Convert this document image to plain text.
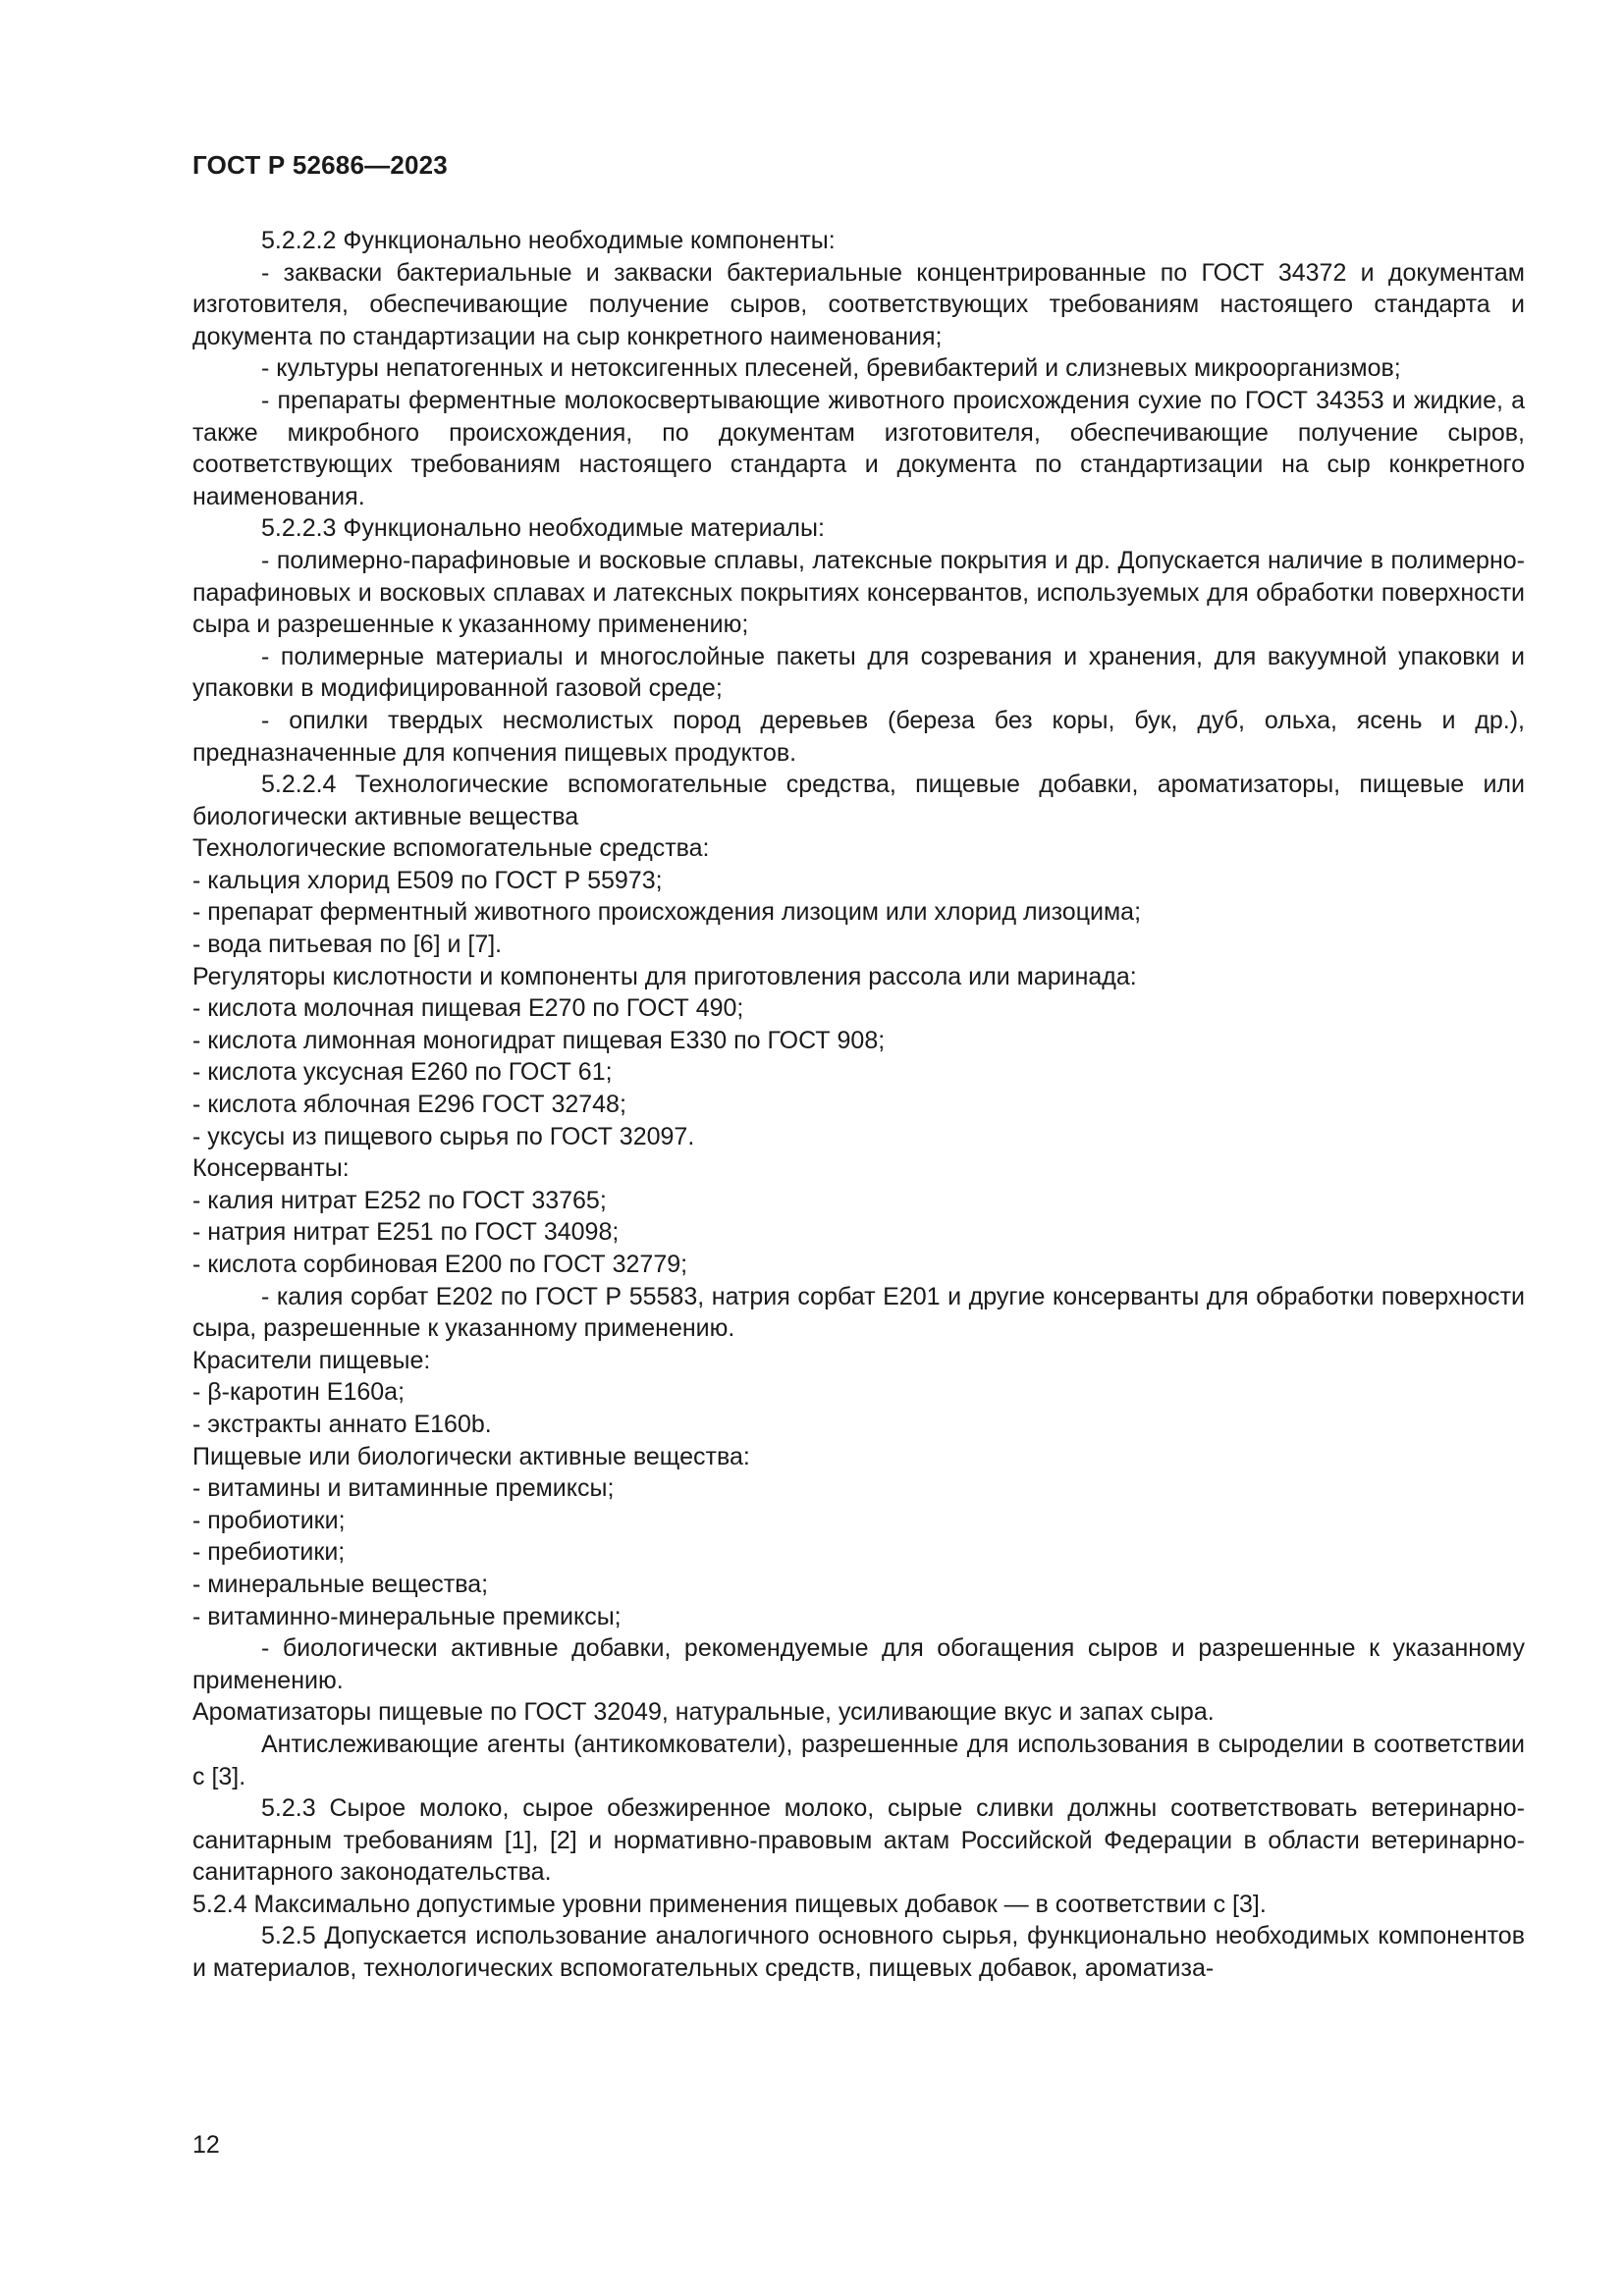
ГОСТ Р 52686—2023

5.2.2.2 Функционально необходимые компоненты:

- закваски бактериальные и закваски бактериальные концентрированные по ГОСТ 34372 и документам изготовителя, обеспечивающие получение сыров, соответствующих требованиям настоящего стандарта и документа по стандартизации на сыр конкретного наименования;

- культуры непатогенных и нетоксигенных плесеней, бревибактерий и слизневых микроорганизмов;

- препараты ферментные молокосвертывающие животного происхождения сухие по ГОСТ 34353 и жидкие, а также микробного происхождения, по документам изготовителя, обеспечивающие получение сыров, соответствующих требованиям настоящего стандарта и документа по стандартизации на сыр конкретного наименования.

5.2.2.3 Функционально необходимые материалы:

- полимерно-парафиновые и восковые сплавы, латексные покрытия и др. Допускается наличие в полимерно-парафиновых и восковых сплавах и латексных покрытиях консервантов, используемых для обработки поверхности сыра и разрешенные к указанному применению;

- полимерные материалы и многослойные пакеты для созревания и хранения, для вакуумной упаковки и упаковки в модифицированной газовой среде;

- опилки твердых несмолистых пород деревьев (береза без коры, бук, дуб, ольха, ясень и др.), предназначенные для копчения пищевых продуктов.

5.2.2.4 Технологические вспомогательные средства, пищевые добавки, ароматизаторы, пищевые или биологически активные вещества

Технологические вспомогательные средства:

- кальция хлорид Е509 по ГОСТ Р 55973;

- препарат ферментный животного происхождения лизоцим или хлорид лизоцима;

- вода питьевая по [6] и [7].

Регуляторы кислотности и компоненты для приготовления рассола или маринада:

- кислота молочная пищевая Е270 по ГОСТ 490;

- кислота лимонная моногидрат пищевая Е330 по ГОСТ 908;

- кислота уксусная Е260 по ГОСТ 61;

- кислота яблочная Е296 ГОСТ 32748;

- уксусы из пищевого сырья по ГОСТ 32097.

Консерванты:

- калия нитрат Е252 по ГОСТ 33765;

- натрия нитрат Е251 по ГОСТ 34098;

- кислота сорбиновая Е200 по ГОСТ 32779;

- калия сорбат Е202 по ГОСТ Р 55583, натрия сорбат Е201 и другие консерванты для обработки поверхности сыра, разрешенные к указанному применению.

Красители пищевые:

- β-каротин Е160а;

- экстракты аннато Е160b.

Пищевые или биологически активные вещества:

- витамины и витаминные премиксы;

- пробиотики;

- пребиотики;

- минеральные вещества;

- витаминно-минеральные премиксы;

- биологически активные добавки, рекомендуемые для обогащения сыров и разрешенные к указанному применению.

Ароматизаторы пищевые по ГОСТ 32049, натуральные, усиливающие вкус и запах сыра.

Антислеживающие агенты (антикомкователи), разрешенные для использования в сыроделии в соответствии с [3].

5.2.3 Сырое молоко, сырое обезжиренное молоко, сырые сливки должны соответствовать ветеринарно-санитарным требованиям [1], [2] и нормативно-правовым актам Российской Федерации в области ветеринарно-санитарного законодательства.

5.2.4 Максимально допустимые уровни применения пищевых добавок — в соответствии с [3].

5.2.5 Допускается использование аналогичного основного сырья, функционально необходимых компонентов и материалов, технологических вспомогательных средств, пищевых добавок, ароматиза-

12
